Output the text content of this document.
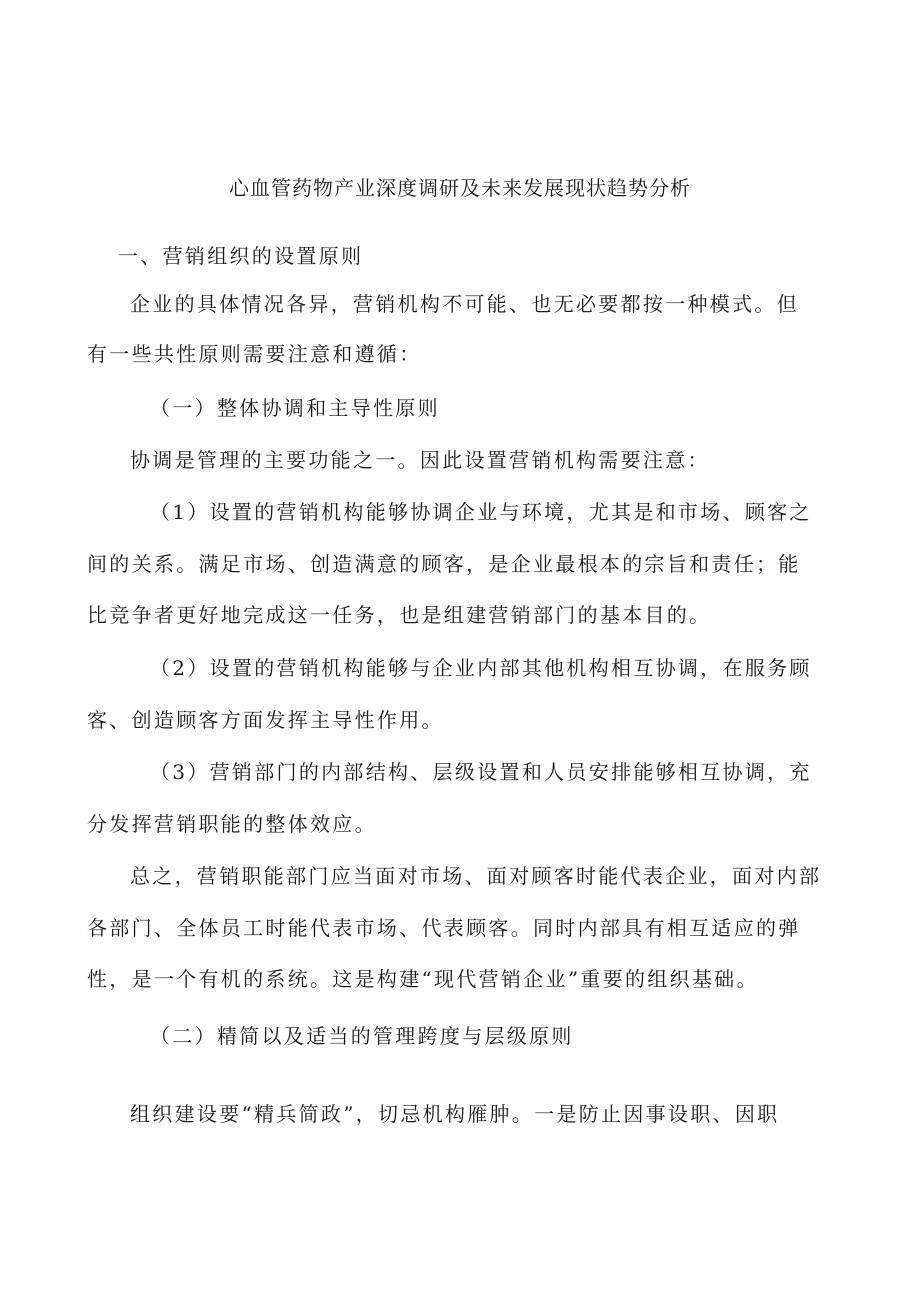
心血管药物产业深度调研及未来发展现状趋势分析
一、营销组织的设置原则
企业的具体情况各异，营销机构不可能、也无必要都按一种模式。但
有一些共性原则需要注意和遵循：
（一）整体协调和主导性原则
协调是管理的主要功能之一。因此设置营销机构需要注意：
（1）设置的营销机构能够协调企业与环境，尤其是和市场、顾客之
间的关系。满足市场、创造满意的顾客，是企业最根本的宗旨和责任；能
比竞争者更好地完成这一任务，也是组建营销部门的基本目的。
（2）设置的营销机构能够与企业内部其他机构相互协调，在服务顾
客、创造顾客方面发挥主导性作用。
（3）营销部门的内部结构、层级设置和人员安排能够相互协调，充
分发挥营销职能的整体效应。
总之，营销职能部门应当面对市场、面对顾客时能代表企业，面对内部
各部门、全体员工时能代表市场、代表顾客。同时内部具有相互适应的弹
性，是一个有机的系统。这是构建“现代营销企业”重要的组织基础。
（二）精简以及适当的管理跨度与层级原则
组织建设要“精兵简政”，切忌机构雁肿。一是防止因事设职、因职
